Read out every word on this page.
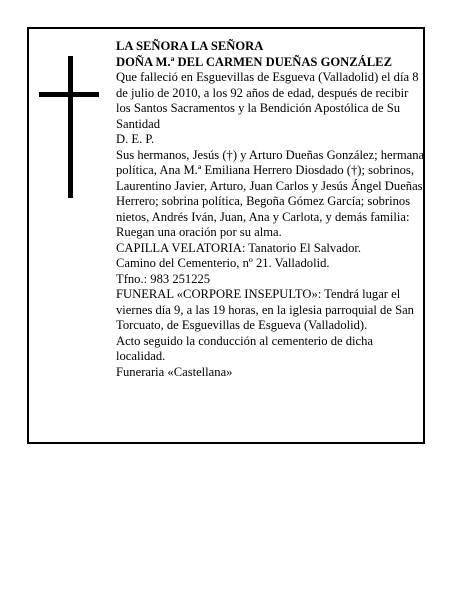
LA SEÑORA LA SEÑORA

DOÑA M.ª DEL CARMEN DUEÑAS GONZÁLEZ

Que falleció en Esguevillas de Esgueva (Valladolid) el día 8 de julio de 2010, a los 92 años de edad, después de recibir los Santos Sacramentos y la Bendición Apostólica de Su Santidad

D. E. P.

Sus hermanos, Jesús (†) y Arturo Dueñas González; hermana política, Ana M.ª Emiliana Herrero Diosdado (†); sobrinos, Laurentino Javier, Arturo, Juan Carlos y Jesús Ángel Dueñas Herrero; sobrina política, Begoña Gómez García; sobrinos nietos, Andrés Iván, Juan, Ana y Carlota, y demás familia:

Ruegan una oración por su alma.

CAPILLA VELATORIA: Tanatorio El Salvador.

Camino del Cementerio, nº 21. Valladolid.

Tfno.: 983 251225

FUNERAL «CORPORE INSEPULTO»: Tendrá lugar el viernes día 9, a las 19 horas, en la iglesia parroquial de San Torcuato, de Esguevillas de Esgueva (Valladolid).

Acto seguido la conducción al cementerio de dicha localidad.

Funeraria «Castellana»
